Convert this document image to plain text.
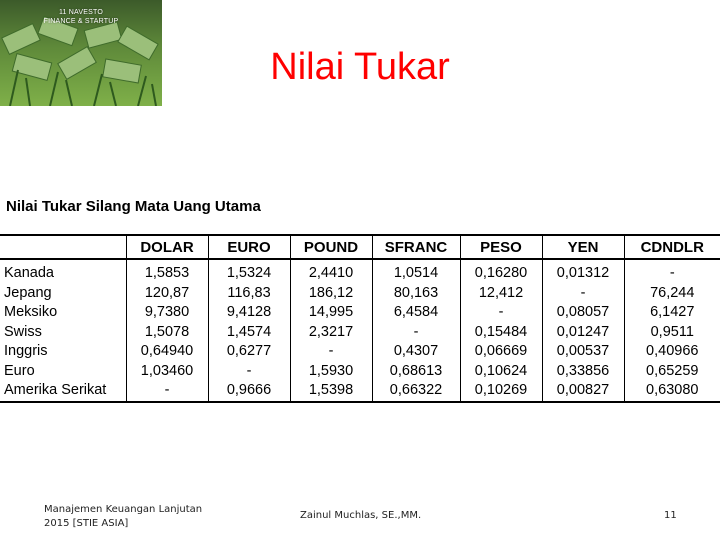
11 NAVESTO
FINANCE & STARTUP
Nilai Tukar
Nilai Tukar Silang Mata Uang Utama
	DOLAR	EURO	POUND	SFRANC	PESO	YEN	CDNDLR
Kanada	1,5853	1,5324	2,4410	1,0514	0,16280	0,01312	-
Jepang	120,87	116,83	186,12	80,163	12,412	-	76,244
Meksiko	9,7380	9,4128	14,995	6,4584	-	0,08057	6,1427
Swiss	1,5078	1,4574	2,3217	-	0,15484	0,01247	0,9511
Inggris	0,64940	0,6277	-	0,4307	0,06669	0,00537	0,40966
Euro	1,03460	-	1,5930	0,68613	0,10624	0,33856	0,65259
Amerika Serikat	-	0,9666	1,5398	0,66322	0,10269	0,00827	0,63080
Manajemen Keuangan Lanjutan
2015 [STIE ASIA]
Zainul Muchlas, SE.,MM.	11
